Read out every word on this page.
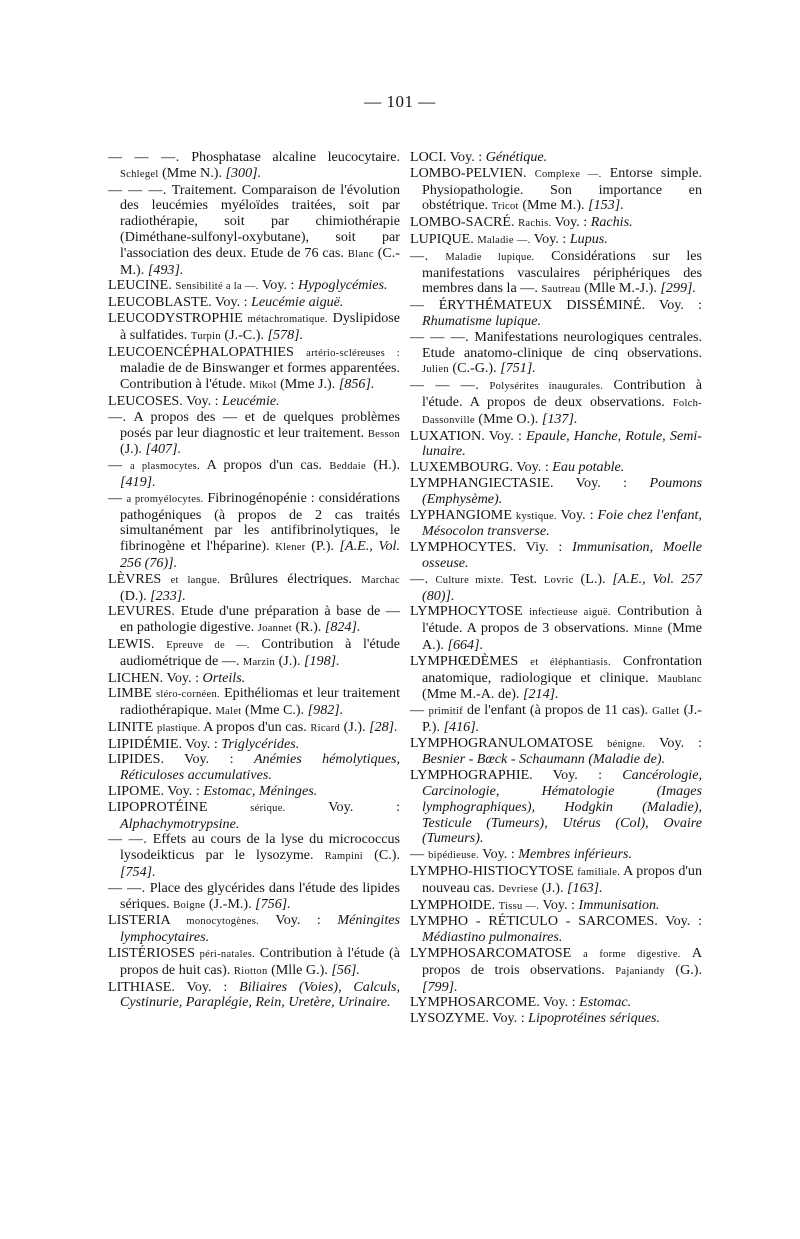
— 101 —

— — —. Phosphatase alcaline leucocytaire. Schlegel (Mme N.). [300].

— — —. Traitement. Comparaison de l'évolution des leucémies myéloïdes traitées, soit par radiothérapie, soit par chimiothérapie (Diméthane-sulfonyl-oxybutane), soit par l'association des deux. Etude de 76 cas. Blanc (C.-M.). [493].

LEUCINE. Sensibilité a la —. Voy. : Hypoglycémies.

LEUCOBLASTE. Voy. : Leucémie aiguë.

LEUCODYSTROPHIE métachromatique. Dyslipidose à sulfatides. Turpin (J.-C.). [578].

LEUCOENCÉPHALOPATHIES artério-scléreuses : maladie de de Binswanger et formes apparentées. Contribution à l'étude. Mikol (Mme J.). [856].

LEUCOSES. Voy. : Leucémie.

—. A propos des — et de quelques problèmes posés par leur diagnostic et leur traitement. Besson (J.). [407].

— a plasmocytes. A propos d'un cas. Beddaie (H.). [419].

— a promyélocytes. Fibrinogénopénie : considérations pathogéniques (à propos de 2 cas traités simultanément par les antifibrinolytiques, le fibrinogène et l'héparine). Klener (P.). [A.E., Vol. 256 (76)].

LÈVRES et langue. Brûlures électriques. Marchac (D.). [233].

LEVURES. Etude d'une préparation à base de — en pathologie digestive. Joannet (R.). [824].

LEWIS. Epreuve de —. Contribution à l'étude audiométrique de —. Marzin (J.). [198].

LICHEN. Voy. : Orteils.

LIMBE sléro-cornéen. Epithéliomas et leur traitement radiothérapique. Malet (Mme C.). [982].

LINITE plastique. A propos d'un cas. Ricard (J.). [28].

LIPIDÉMIE. Voy. : Triglycérides.

LIPIDES. Voy. : Anémies hémolytiques, Réticuloses accumulatives.

LIPOME. Voy. : Estomac, Méninges.

LIPOPROTÉINE	sérique.	Voy. : Alphachymotrypsine.

— —. Effets au cours de la lyse du micrococcus lysodeikticus par le lysozyme. Rampini (C.). [754].

— —. Place des glycérides dans l'étude des lipides sériques. Boigne (J.-M.). [756].

LISTERIA monocytogènes. Voy. : Méningites lymphocytaires.

LISTÉRIOSES péri-natales. Contribution à l'étude (à propos de huit cas). Riotton (Mlle G.). [56].

LITHIASE. Voy. : Biliaires (Voies), Calculs, Cystinurie, Paraplégie, Rein, Uretère, Urinaire.

LOCI. Voy. : Génétique.

LOMBO-PELVIEN. Complexe —. Entorse simple. Physiopathologie. Son importance en obstétrique. Tricot (Mme M.). [153].

LOMBO-SACRÉ. Rachis. Voy. : Rachis.

LUPIQUE. Maladie —. Voy. : Lupus.

—. Maladie lupique. Considérations sur les manifestations vasculaires périphériques des membres dans la —. Sautreau (Mlle M.-J.). [299].

— ÉRYTHÉMATEUX DISSÉMINÉ. Voy. : Rhumatisme lupique.

— — —. Manifestations neurologiques centrales. Etude anatomo-clinique de cinq observations. Julien (C.-G.). [751].

— — —. Polysérites inaugurales. Contribution à l'étude. A propos de deux observations. Folch-Dassonville (Mme O.). [137].

LUXATION. Voy. : Epaule, Hanche, Rotule, Semi-lunaire.

LUXEMBOURG. Voy. : Eau potable.

LYMPHANGIECTASIE. Voy. : Poumons (Emphysème).

LYPHANGIOME kystique. Voy. : Foie chez l'enfant, Mésocolon transverse.

LYMPHOCYTES. Viy. : Immunisation, Moelle osseuse.

—. Culture mixte. Test. Lovric (L.). [A.E., Vol. 257 (80)].

LYMPHOCYTOSE infectieuse aiguë. Contribution à l'étude. A propos de 3 observations. Minne (Mme A.). [664].

LYMPHŒDÈMES et éléphantiasis. Confrontation anatomique, radiologique et clinique. Maublanc (Mme M.-A. de). [214].

— primitif de l'enfant (à propos de 11 cas). Gallet (J.-P.). [416].

LYMPHOGRANULOMATOSE bénigne. Voy. : Besnier - Bœck - Schaumann (Maladie de).

LYMPHOGRAPHIE. Voy. : Cancérologie, Carcinologie, Hématologie (Images lymphographiques), Hodgkin (Maladie), Testicule (Tumeurs), Utérus (Col), Ovaire (Tumeurs).

— bipédieuse. Voy. : Membres inférieurs.

LYMPHO-HISTIOCYTOSE familiale. A propos d'un nouveau cas. Devriese (J.). [163].

LYMPHOIDE. Tissu —. Voy. : Immunisation.

LYMPHO - RÉTICULO - SARCOMES. Voy. : Médiastino pulmonaires.

LYMPHOSARCOMATOSE a forme digestive. A propos de trois observations. Pajaniandy (G.). [799].

LYMPHOSARCOME. Voy. : Estomac.

LYSOZYME. Voy. : Lipoprotéines sériques.
